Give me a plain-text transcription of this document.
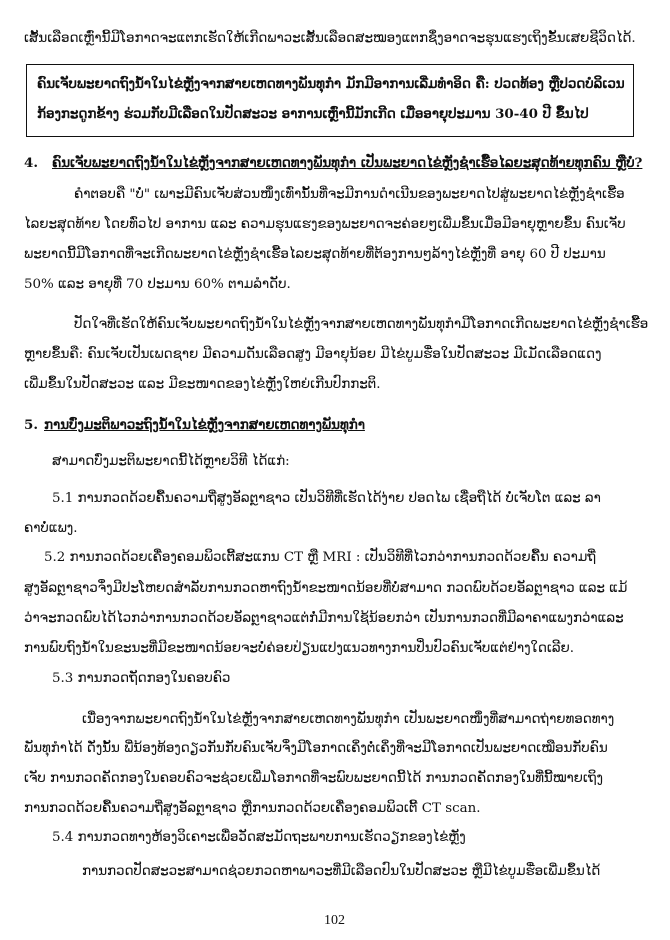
ເສັ້ນເລືອດເຫຼົ່ານີ້ມີໂອກາດຈະແຕກເຮັດໃຫ້ເກີດພາວະເສັ້ນເລືອດສະໝອງແຕກຊຶ່ງອາດຈະຮຸນແຮງເຖິງຂັ້ນເສຍຊີວິດໄດ້.
ຄົນເຈັບພະຍາດຖົງນໍ້າໃນໄຂ່ຫຼັງຈາກສາຍເຫດທາງພັນທຸກໍາ ມັກມີອາການເລີ່ມທໍາອິດ ຄື: ປວດທ້ອງ ຫຼືປວດບໍລິເວນ
ກ້ອງກະດູກຂ້າງ ຮ່ວມກັບມີເລືອດໃນປັດສະວະ ອາການເຫຼົ່ານີ້ມັກເກີດ ເມື່ອອາຍຸປະມານ 30-40 ປີ ຂຶ້ນໄປ
4. ຄົນເຈັບພະຍາດຖົງນໍ້າໃນໄຂ່ຫຼັງຈາກສາຍເຫດທາງພັນທຸກໍາ ເປັນພະຍາດໄຂ່ຫຼັງຊໍາເຮື້ອໄລຍະສຸດທ້າຍທຸກຄົນ ຫຼືບໍ່?
ຄໍາຕອບຄື "ບໍ່" ເພາະມີຄົນເຈັບສ່ວນໜຶ່ງເທົ່ານັ້ນທີ່ຈະມີການດໍາເນີນຂອງພະຍາດໄປສູ່ພະຍາດໄຂ່ຫຼັງຊໍາເຮື້ອ
ໄລຍະສຸດທ້າຍ ໂດຍທົ່ວໄປ ອາການ ແລະ ຄວາມຮຸນແຮງຂອງພະຍາດຈະຄ່ອຍໆເພີ່ມຂຶ້ນເມື່ອມີອາຍຸຫຼາຍຂຶ້ນ ຄົນເຈັບ
ພະຍາດນີ້ມີໂອກາດທີ່ຈະເກີດພະຍາດໄຂ່ຫຼັງຊໍາເຮື້ອໄລຍະສຸດທ້າຍທີ່ຕ້ອງການໆລ້າງໄຂ່ຫຼັງທີ່ ອາຍຸ 60 ປີ ປະມານ
50% ແລະ ອາຍຸທີ່ 70 ປະມານ 60% ຕາມລໍາດັບ.
ປັດໃຈທີ່ເຮັດໃຫ້ຄົນເຈັບພະຍາດຖົງນໍ້າໃນໄຂ່ຫຼັງຈາກສາຍເຫດທາງພັນທຸກໍາມີໂອກາດເກີດພະຍາດໄຂ່ຫຼັງຊໍາເຮື້ອ
ຫຼາຍຂຶ້ນຄື: ຄົນເຈັບເປັນເພດຊາຍ ມີຄວາມດັນເລືອດສູງ ມີອາຍຸນ້ອຍ ມີໄຂ່ບູມຮື່ອໃນປັດສະວະ ມີເມັດເລືອດແດງ
ເພີ່ມຂຶ້ນໃນປັດສະວະ ແລະ ມີຂະໜາດຂອງໄຂ່ຫຼັງໃຫຍ່ເກີນປົກກະຕິ.
5. ການບົ່ງມະຕິພາວະຖົງນໍ້າໃນໄຂ່ຫຼັງຈາກສາຍເຫດທາງພັນທຸກໍາ
ສາມາດບົ່ງມະຕິພະຍາດນີ້ໄດ້ຫຼາຍວິທີ ໄດ້ແກ່:
5.1 ການກວດດ້ວຍຄື້ນຄວາມຖີ່ສູງອັລຕຼາຊາວ ເປັນວິທີທີ່ເຮັດໄດ້ງ່າຍ ປອດໄພ ເຊື່ອຖືໄດ້ ບໍ່ເຈັບໂຕ ແລະ ລາ
ຄາບໍ່ແພງ.
5.2 ການກວດດ້ວຍເຄື່ອງຄອມພິວເຕີ້ສະແກນ CT ຫຼື MRI : ເປັນວິທີທີ່ໄວກວ່າການກວດດ້ວຍຄື້ນ ຄວາມຖີ່
ສູງອັລຕຼາຊາວຈຶ່ງມີປະໂຫຍດສໍາລັບການກວດຫາຖົງນໍ້າຂະໜາດນ້ອຍທີ່ບໍ່ສາມາດ ກວດພົບດ້ວຍອັລຕຼາຊາວ ແລະ ແມ້
ວ່າຈະກວດພົບໄດ້ໄວກວ່າການກວດດ້ວຍອັລຕຼາຊາວແຕ່ກໍ່ມີການໃຊ້ນ້ອຍກວ່າ ເປັນການກວດທີ່ມີລາຄາແພງກວ່າແລະ
ການພົບຖົງນໍ້າໃນຂະນະທີ່ມີຂະໜາດນ້ອຍຈະບໍ່ຄ່ອຍປ່ຽນແປງແນວທາງການປິ່ນປົວຄົນເຈັບແຕ່ຢ່າງໃດເລີຍ.
5.3 ການກວດຖັດກອງໃນຄອບຄົວ
ເນື່ອງຈາກພະຍາດຖົງນໍ້າໃນໄຂ່ຫຼັງຈາກສາຍເຫດທາງພັນທຸກໍາ ເປັນພະຍາດໜຶ່ງທີ່ສາມາດຖ່າຍທອດທາງ
ພັນທຸກໍາໄດ້ ດັ່ງນັ້ນ ພີ່ນ້ອງທ້ອງດຽວກັນກັບຄົນເຈັບຈຶ່ງມີໂອກາດເຄິ່ງຕໍ່ເຄິ່ງທີ່ຈະມີໂອກາດເປັນພະຍາດເໝືອນກັບຄົນ
ເຈັບ ການກວດຄັດກອງໃນຄອບຄົວຈະຊ່ວຍເພີ່ມໂອກາດທີ່ຈະພົບພະຍາດນີ້ໄດ້ ການກວດຄັດກອງໃນທີ່ນີ້ໝາຍເຖິງ
ການກວດດ້ວຍຄື້ນຄວາມຖີ່ສູງອັລຕຼາຊາວ ຫຼືການກວດດ້ວຍເຄື່ອງຄອມພິວເຕີ້ CT scan.
5.4 ການກວດທາງຫ້ອງວິເຄາະເພື່ອວັດສະມັດຖະພາບການເຮັດວຽກຂອງໄຂ່ຫຼັງ
ການກວດປັດສະວະສາມາດຊ່ວຍກວດຫາພາວະທີ່ມີເລືອດປົນໃນປັດສະວະ ຫຼືມີໄຂ່ບູມຮື່ອເພີ່ມຂຶ້ນໄດ້
102
